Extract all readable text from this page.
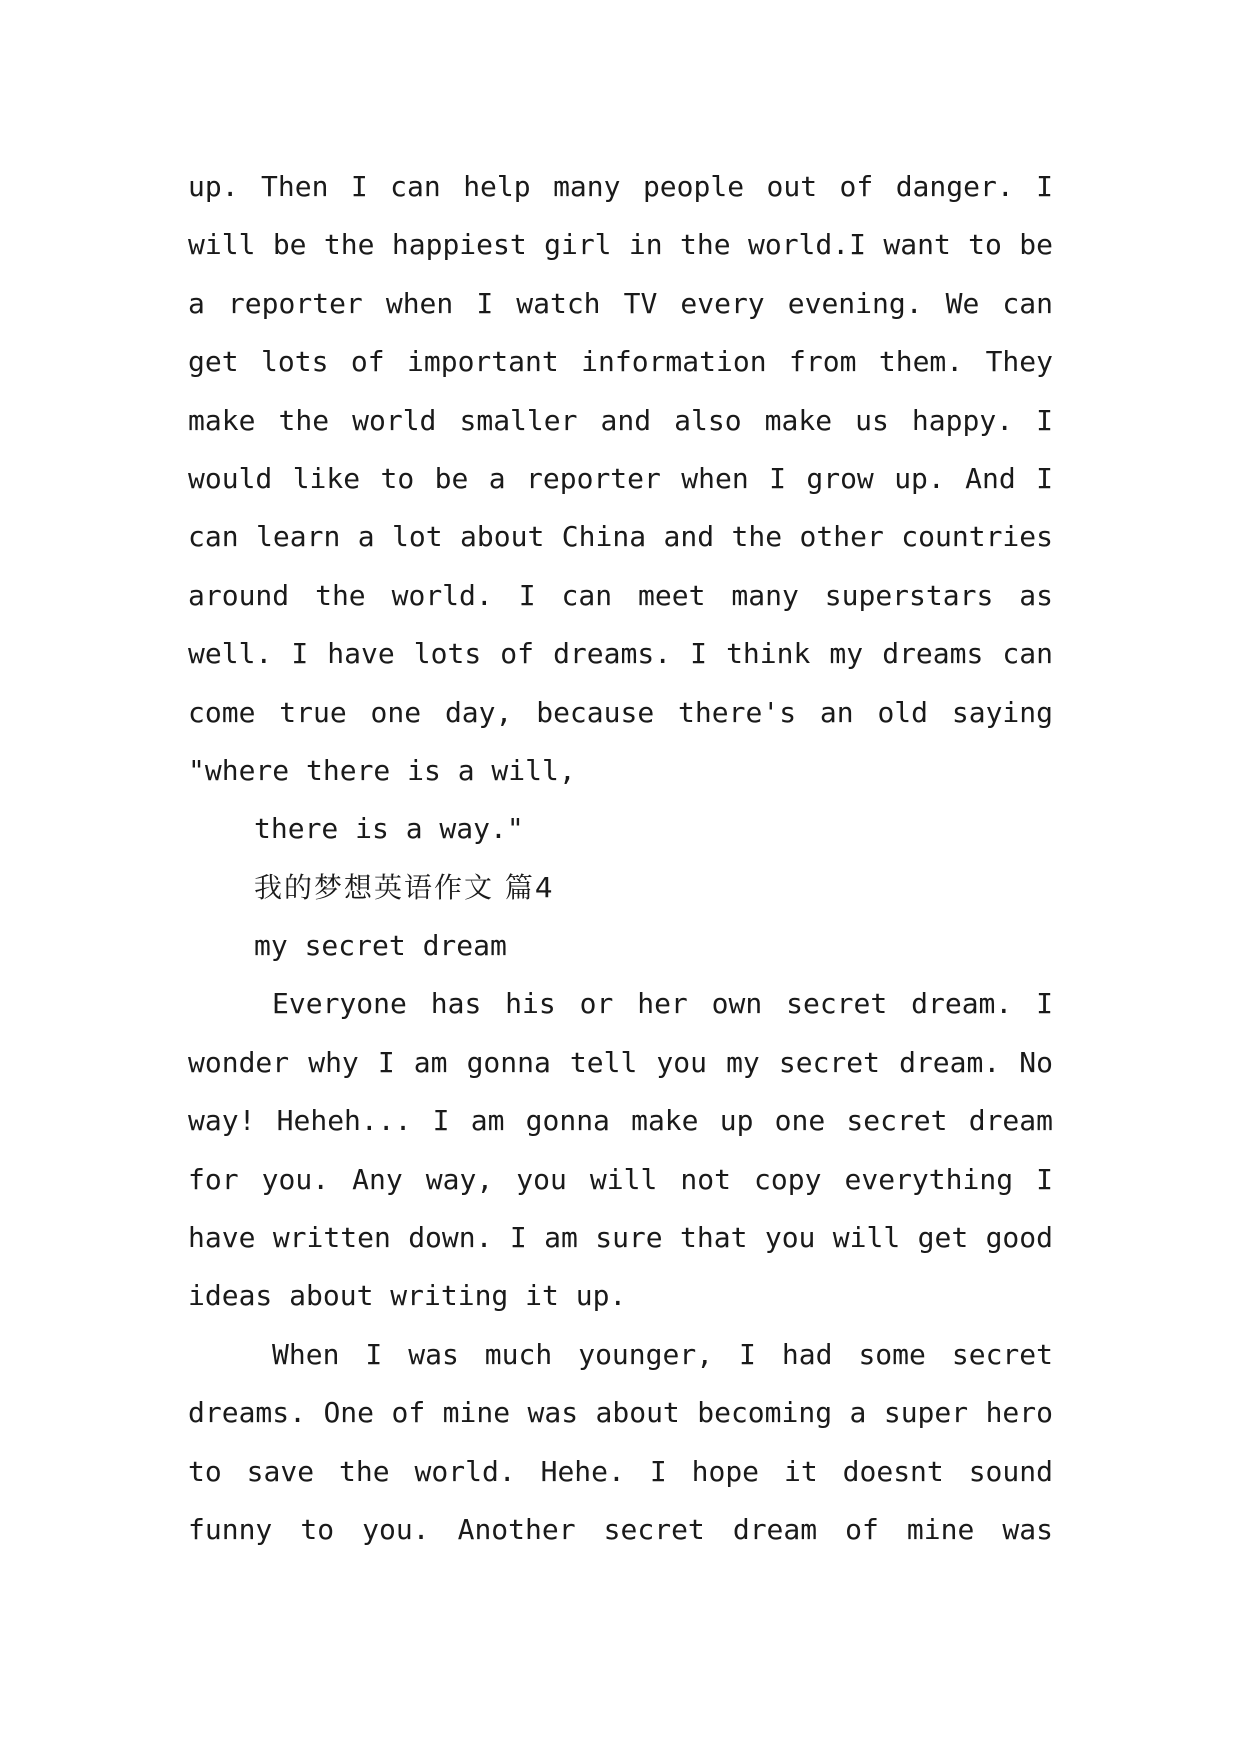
up. Then I can help many people out of danger. I
will be the happiest girl in the world.I want to be
a reporter when I watch TV every evening. We can
get lots of important information from them. They
make the world smaller and also make us happy. I
would like to be a reporter when I grow up. And I
can learn a lot about China and the other countries
around the world. I can meet many superstars as
well. I have lots of dreams. I think my dreams can
come true one day, because there's an old saying
"where there is a will,
there is a way."
我的梦想英语作文 篇4
my secret dream
Everyone has his or her own secret dream. I
wonder why I am gonna tell you my secret dream. No
way! Heheh... I am gonna make up one secret dream
for you. Any way, you will not copy everything I
have written down. I am sure that you will get good
ideas about writing it up.
When I was much younger, I had some secret
dreams. One of mine was about becoming a super hero
to save the world. Hehe. I hope it doesnt sound
funny to you. Another secret dream of mine was
